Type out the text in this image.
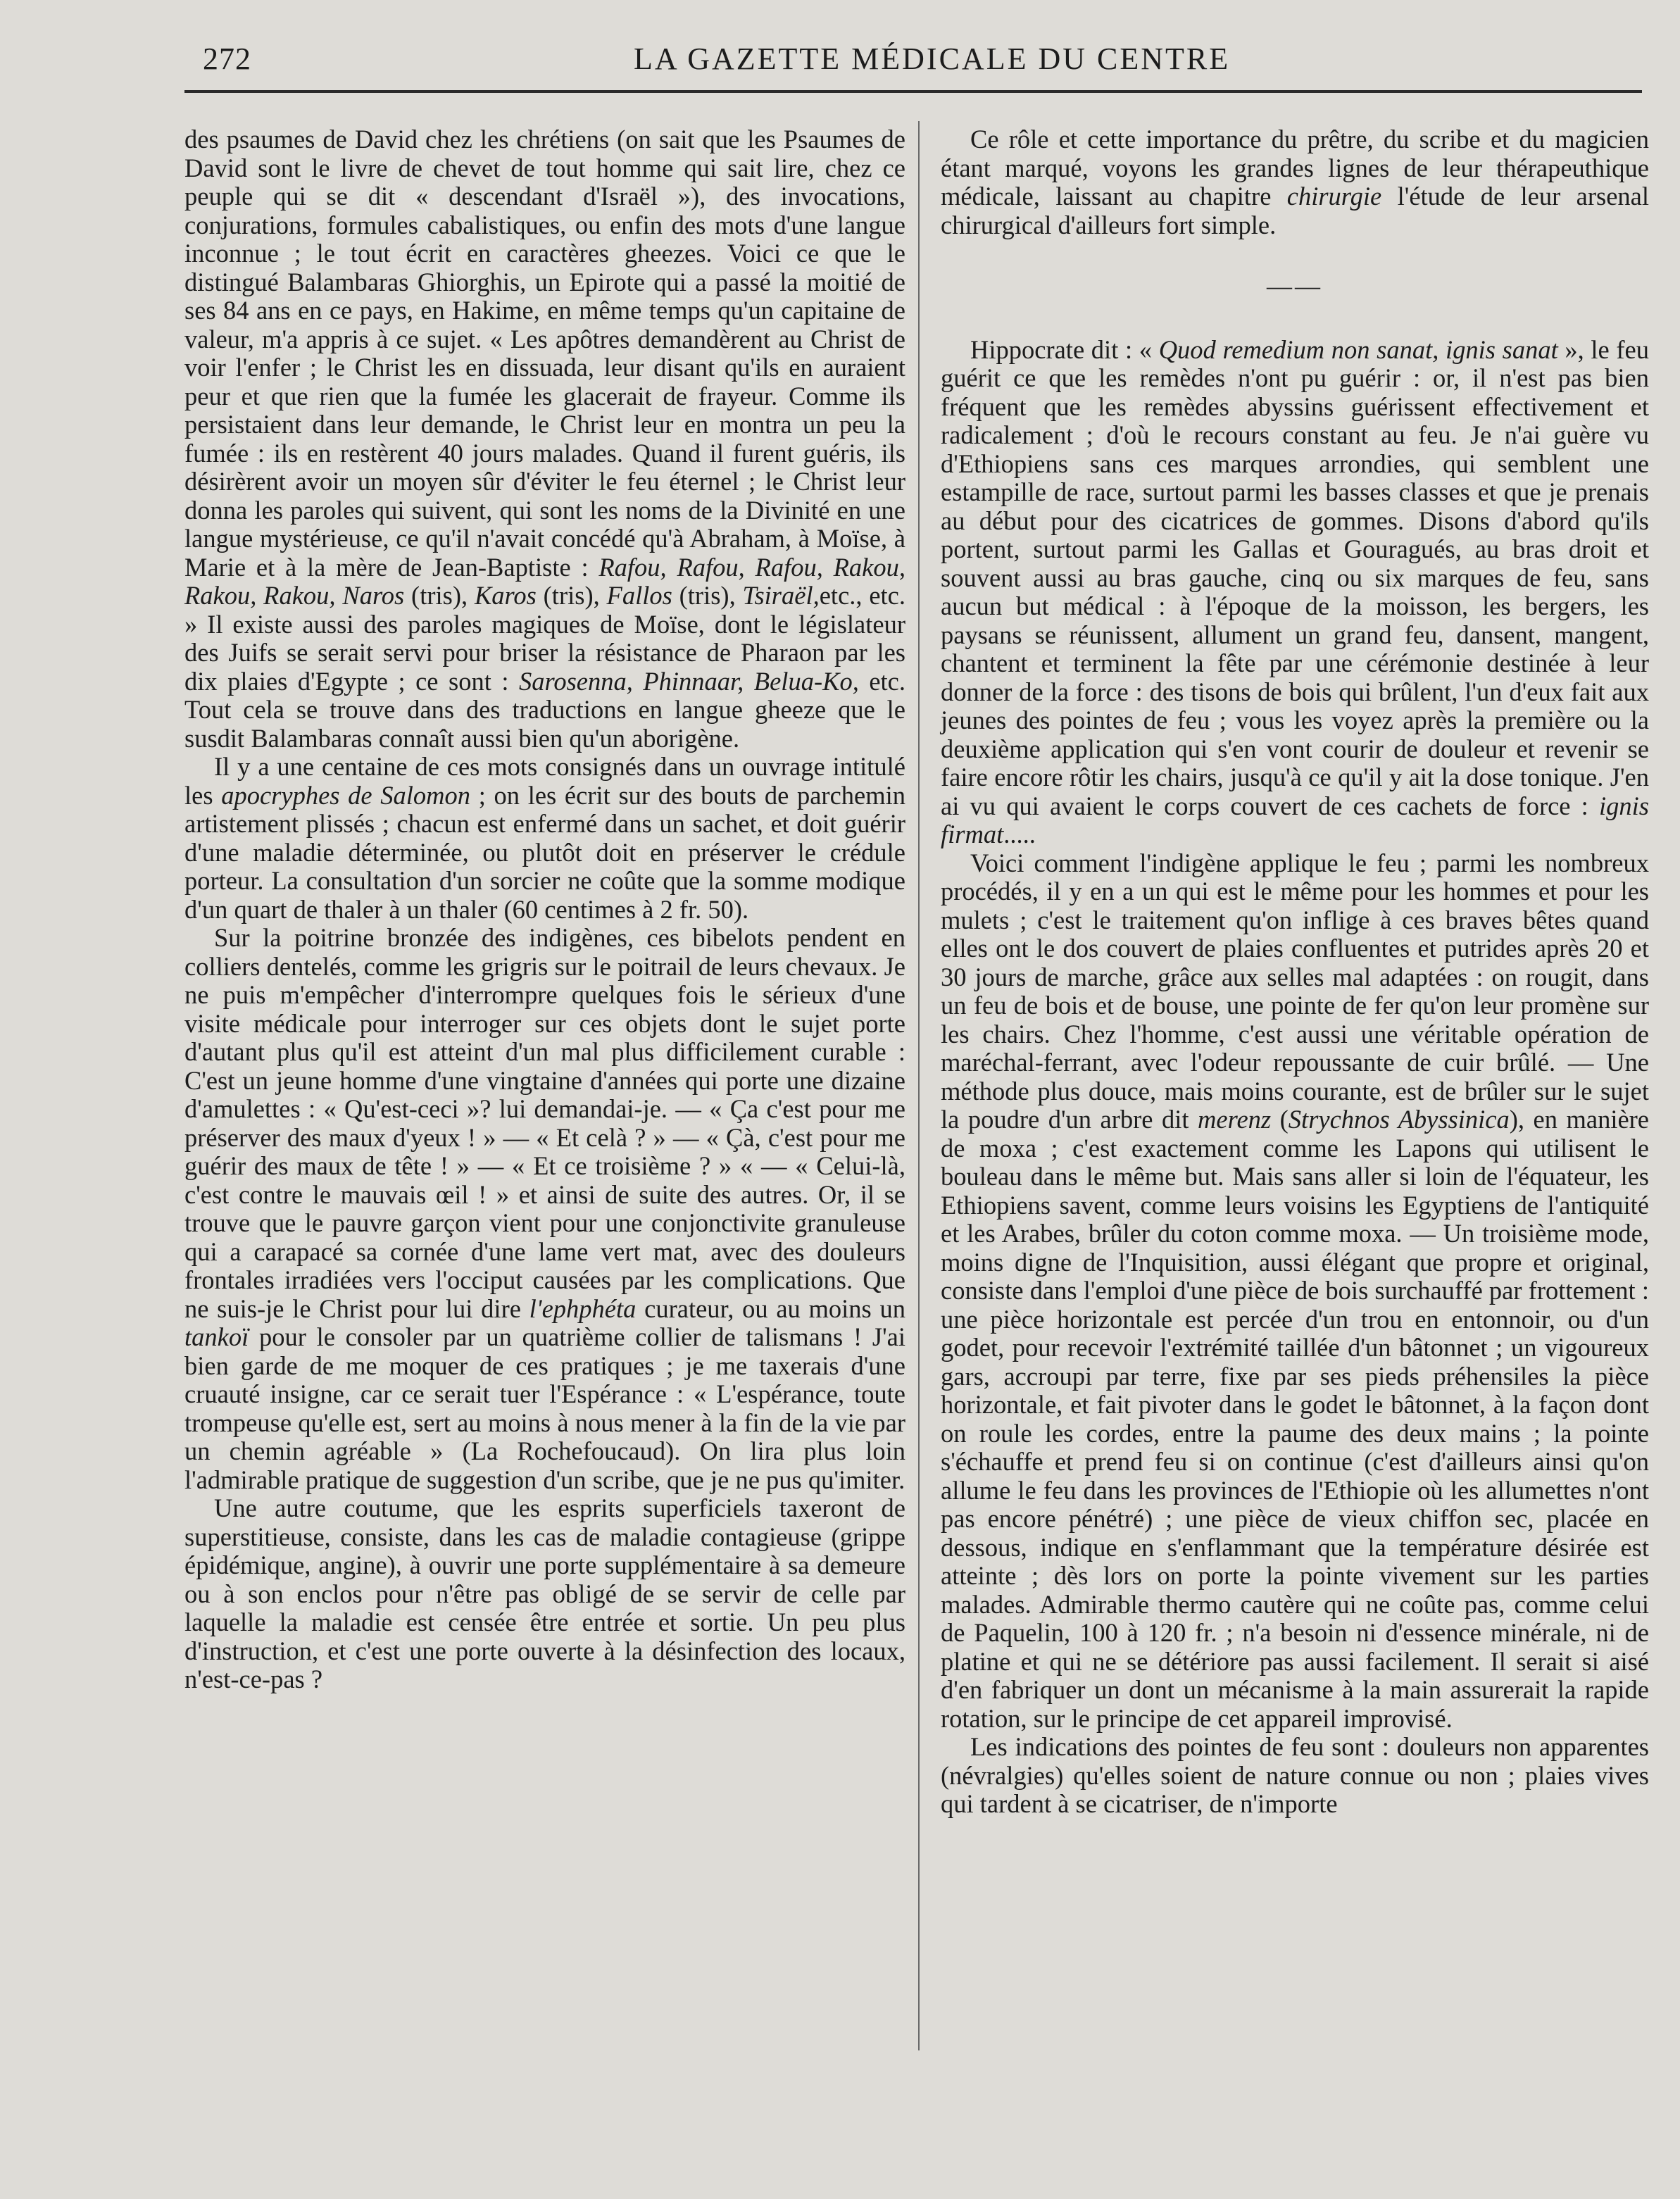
272	LA GAZETTE MÉDICALE DU CENTRE

des psaumes de David chez les chrétiens (on sait que les Psaumes de David sont le livre de chevet de tout homme qui sait lire, chez ce peuple qui se dit « descendant d'Israël »), des invocations, conjurations, formules cabalistiques, ou enfin des mots d'une langue inconnue ; le tout écrit en caractères gheezes. Voici ce que le distingué Balambaras Ghiorghis, un Epirote qui a passé la moitié de ses 84 ans en ce pays, en Hakime, en même temps qu'un capitaine de valeur, m'a appris à ce sujet. « Les apôtres demandèrent au Christ de voir l'enfer ; le Christ les en dissuada, leur disant qu'ils en auraient peur et que rien que la fumée les glacerait de frayeur. Comme ils persistaient dans leur demande, le Christ leur en montra un peu la fumée : ils en restèrent 40 jours malades. Quand il furent guéris, ils désirèrent avoir un moyen sûr d'éviter le feu éternel ; le Christ leur donna les paroles qui suivent, qui sont les noms de la Divinité en une langue mystérieuse, ce qu'il n'avait concédé qu'à Abraham, à Moïse, à Marie et à la mère de Jean-Baptiste : Rafou, Rafou, Rafou, Rakou, Rakou, Rakou, Naros (tris), Karos (tris), Fallos (tris), Tsiraël,etc., etc. » Il existe aussi des paroles magiques de Moïse, dont le législateur des Juifs se serait servi pour briser la résistance de Pharaon par les dix plaies d'Egypte ; ce sont : Sarosenna, Phinnaar, Belua-Ko, etc. Tout cela se trouve dans des traductions en langue gheeze que le susdit Balambaras connaît aussi bien qu'un aborigène.

Il y a une centaine de ces mots consignés dans un ouvrage intitulé les apocryphes de Salomon ; on les écrit sur des bouts de parchemin artistement plissés ; chacun est enfermé dans un sachet, et doit guérir d'une maladie déterminée, ou plutôt doit en préserver le crédule porteur. La consultation d'un sorcier ne coûte que la somme modique d'un quart de thaler à un thaler (60 centimes à 2 fr. 50).

Sur la poitrine bronzée des indigènes, ces bibelots pendent en colliers dentelés, comme les grigris sur le poitrail de leurs chevaux. Je ne puis m'empêcher d'interrompre quelques fois le sérieux d'une visite médicale pour interroger sur ces objets dont le sujet porte d'autant plus qu'il est atteint d'un mal plus difficilement curable : C'est un jeune homme d'une vingtaine d'années qui porte une dizaine d'amulettes : « Qu'est-ceci »? lui demandai-je. — « Ça c'est pour me préserver des maux d'yeux ! » — « Et celà ? » — « Çà, c'est pour me guérir des maux de tête ! » — « Et ce troisième ? » « — « Celui-là, c'est contre le mauvais œil ! » et ainsi de suite des autres. Or, il se trouve que le pauvre garçon vient pour une conjonctivite granuleuse qui a carapacé sa cornée d'une lame vert mat, avec des douleurs frontales irradiées vers l'occiput causées par les complications. Que ne suis-je le Christ pour lui dire l'ephphéta curateur, ou au moins un tankoï pour le consoler par un quatrième collier de talismans ! J'ai bien garde de me moquer de ces pratiques ; je me taxerais d'une cruauté insigne, car ce serait tuer l'Espérance : « L'espérance, toute trompeuse qu'elle est, sert au moins à nous mener à la fin de la vie par un chemin agréable » (La Rochefoucaud). On lira plus loin l'admirable pratique de suggestion d'un scribe, que je ne pus qu'imiter.

Une autre coutume, que les esprits superficiels taxeront de superstitieuse, consiste, dans les cas de maladie contagieuse (grippe épidémique, angine), à ouvrir une porte supplémentaire à sa demeure ou à son enclos pour n'être pas obligé de se servir de celle par laquelle la maladie est censée être entrée et sortie. Un peu plus d'instruction, et c'est une porte ouverte à la désinfection des locaux, n'est-ce-pas ?

Ce rôle et cette importance du prêtre, du scribe et du magicien étant marqué, voyons les grandes lignes de leur thérapeuthique médicale, laissant au chapitre chirurgie l'étude de leur arsenal chirurgical d'ailleurs fort simple.

——

Hippocrate dit : « Quod remedium non sanat, ignis sanat », le feu guérit ce que les remèdes n'ont pu guérir : or, il n'est pas bien fréquent que les remèdes abyssins guérissent effectivement et radicalement ; d'où le recours constant au feu. Je n'ai guère vu d'Ethiopiens sans ces marques arrondies, qui semblent une estampille de race, surtout parmi les basses classes et que je prenais au début pour des cicatrices de gommes. Disons d'abord qu'ils portent, surtout parmi les Gallas et Gouragués, au bras droit et souvent aussi au bras gauche, cinq ou six marques de feu, sans aucun but médical : à l'époque de la moisson, les bergers, les paysans se réunissent, allument un grand feu, dansent, mangent, chantent et terminent la fête par une cérémonie destinée à leur donner de la force : des tisons de bois qui brûlent, l'un d'eux fait aux jeunes des pointes de feu ; vous les voyez après la première ou la deuxième application qui s'en vont courir de douleur et revenir se faire encore rôtir les chairs, jusqu'à ce qu'il y ait la dose tonique. J'en ai vu qui avaient le corps couvert de ces cachets de force : ignis firmat.....

Voici comment l'indigène applique le feu ; parmi les nombreux procédés, il y en a un qui est le même pour les hommes et pour les mulets ; c'est le traitement qu'on inflige à ces braves bêtes quand elles ont le dos couvert de plaies confluentes et putrides après 20 et 30 jours de marche, grâce aux selles mal adaptées : on rougit, dans un feu de bois et de bouse, une pointe de fer qu'on leur promène sur les chairs. Chez l'homme, c'est aussi une véritable opération de maréchal-ferrant, avec l'odeur repoussante de cuir brûlé. — Une méthode plus douce, mais moins courante, est de brûler sur le sujet la poudre d'un arbre dit merenz (Strychnos Abyssinica), en manière de moxa ; c'est exactement comme les Lapons qui utilisent le bouleau dans le même but. Mais sans aller si loin de l'équateur, les Ethiopiens savent, comme leurs voisins les Egyptiens de l'antiquité et les Arabes, brûler du coton comme moxa. — Un troisième mode, moins digne de l'Inquisition, aussi élégant que propre et original, consiste dans l'emploi d'une pièce de bois surchauffé par frottement : une pièce horizontale est percée d'un trou en entonnoir, ou d'un godet, pour recevoir l'extrémité taillée d'un bâtonnet ; un vigoureux gars, accroupi par terre, fixe par ses pieds préhensiles la pièce horizontale, et fait pivoter dans le godet le bâtonnet, à la façon dont on roule les cordes, entre la paume des deux mains ; la pointe s'échauffe et prend feu si on continue (c'est d'ailleurs ainsi qu'on allume le feu dans les provinces de l'Ethiopie où les allumettes n'ont pas encore pénétré) ; une pièce de vieux chiffon sec, placée en dessous, indique en s'enflammant que la température désirée est atteinte ; dès lors on porte la pointe vivement sur les parties malades. Admirable thermo cautère qui ne coûte pas, comme celui de Paquelin, 100 à 120 fr. ; n'a besoin ni d'essence minérale, ni de platine et qui ne se détériore pas aussi facilement. Il serait si aisé d'en fabriquer un dont un mécanisme à la main assurerait la rapide rotation, sur le principe de cet appareil improvisé.

Les indications des pointes de feu sont : douleurs non apparentes (névralgies) qu'elles soient de nature connue ou non ; plaies vives qui tardent à se cicatriser, de n'importe
